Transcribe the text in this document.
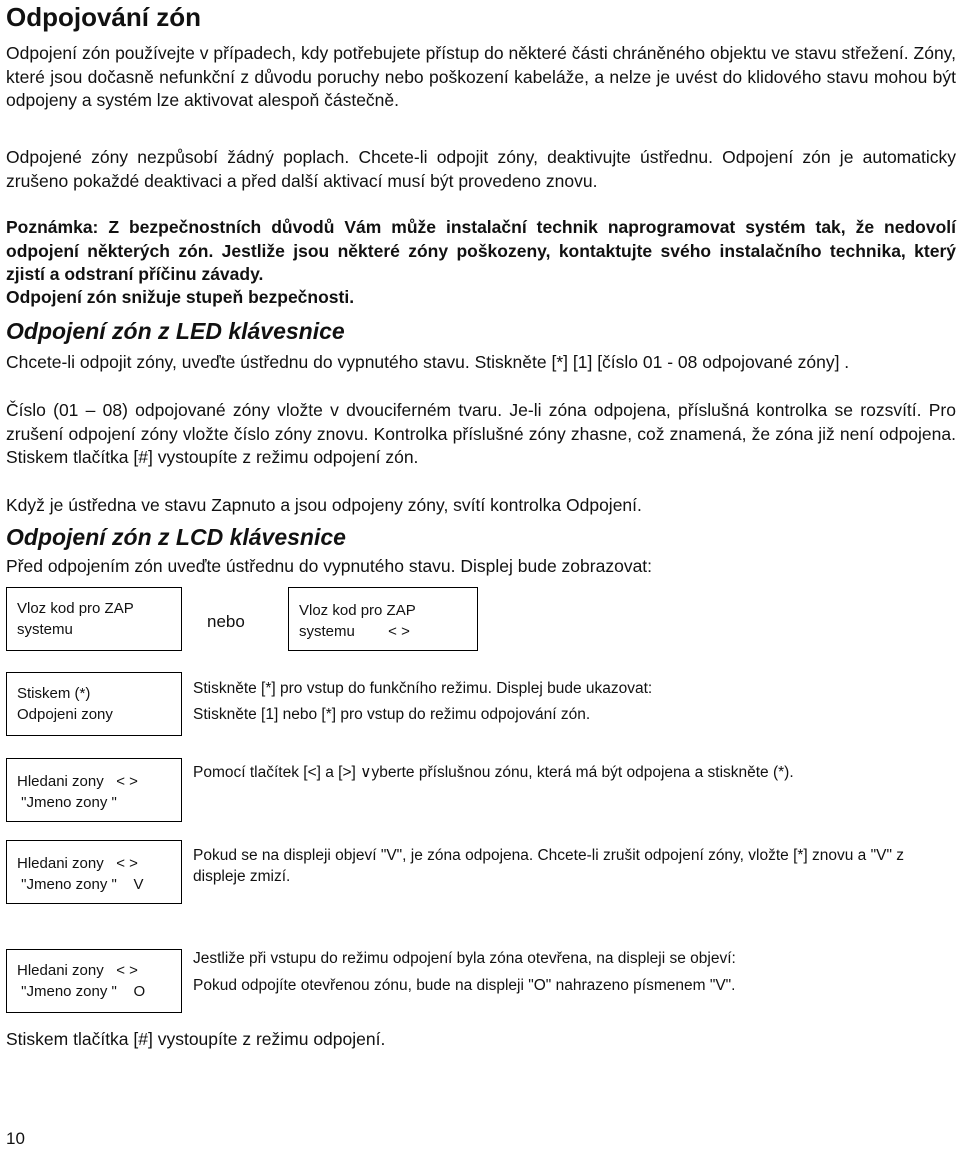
Odpojování zón

Odpojení zón používejte v případech, kdy potřebujete přístup do některé části chráněného objektu ve stavu střežení. Zóny, které jsou dočasně nefunkční z důvodu poruchy nebo poškození kabeláže, a nelze je uvést do klidového stavu mohou být odpojeny a systém lze aktivovat alespoň částečně.

Odpojené zóny nezpůsobí žádný poplach. Chcete-li odpojit zóny, deaktivujte ústřednu. Odpojení zón je automaticky zrušeno pokaždé deaktivaci a před další aktivací musí být provedeno znovu.

Poznámka: Z bezpečnostních důvodů Vám může instalační technik naprogramovat systém tak, že nedovolí odpojení některých zón. Jestliže jsou některé zóny poškozeny, kontaktujte svého instalačního technika, který zjistí a odstraní příčinu závady.

Odpojení zón snižuje stupeň bezpečnosti.

Odpojení zón z LED klávesnice

Chcete-li odpojit zóny, uveďte ústřednu do vypnutého stavu. Stiskněte [*] [1] [číslo 01 - 08 odpojované zóny] .

Číslo (01 – 08) odpojované zóny vložte v dvouciferném tvaru. Je-li zóna odpojena, příslušná kontrolka se rozsvítí. Pro zrušení odpojení zóny vložte číslo zóny znovu. Kontrolka příslušné zóny zhasne, což znamená, že zóna již není odpojena. Stiskem tlačítka [#] vystoupíte z režimu odpojení zón.

Když je ústředna ve stavu Zapnuto a jsou odpojeny zóny, svítí kontrolka Odpojení.

Odpojení zón z LCD klávesnice

Před odpojením zón uveďte ústřednu do vypnutého stavu. Displej bude zobrazovat:

Vloz kod pro ZAP
systemu	nebo
Vloz kod pro ZAP
systemu        < >
Stiskem (*)
Odpojeni zony
Stiskněte [*] pro vstup do funkčního režimu. Displej bude ukazovat:
Stiskněte [1] nebo [*] pro vstup do režimu odpojování zón.
Hledani zony   < >
"Jmeno zony "
Pomocí tlačítek [<] a [>] ∨yberte příslušnou zónu, která má být odpojena a stiskněte (*).
Hledani zony   < >
"Jmeno zony "    V
Pokud se na displeji objeví "V", je zóna odpojena. Chcete-li zrušit odpojení zóny, vložte [*] znovu a "V" z displeje zmizí.
Hledani zony   < >
"Jmeno zony "    O
Jestliže při vstupu do režimu odpojení byla zóna otevřena, na displeji se objeví:
Pokud odpojíte otevřenou zónu, bude na displeji "O" nahrazeno písmenem "V".

Stiskem tlačítka [#] vystoupíte z režimu odpojení.

10
